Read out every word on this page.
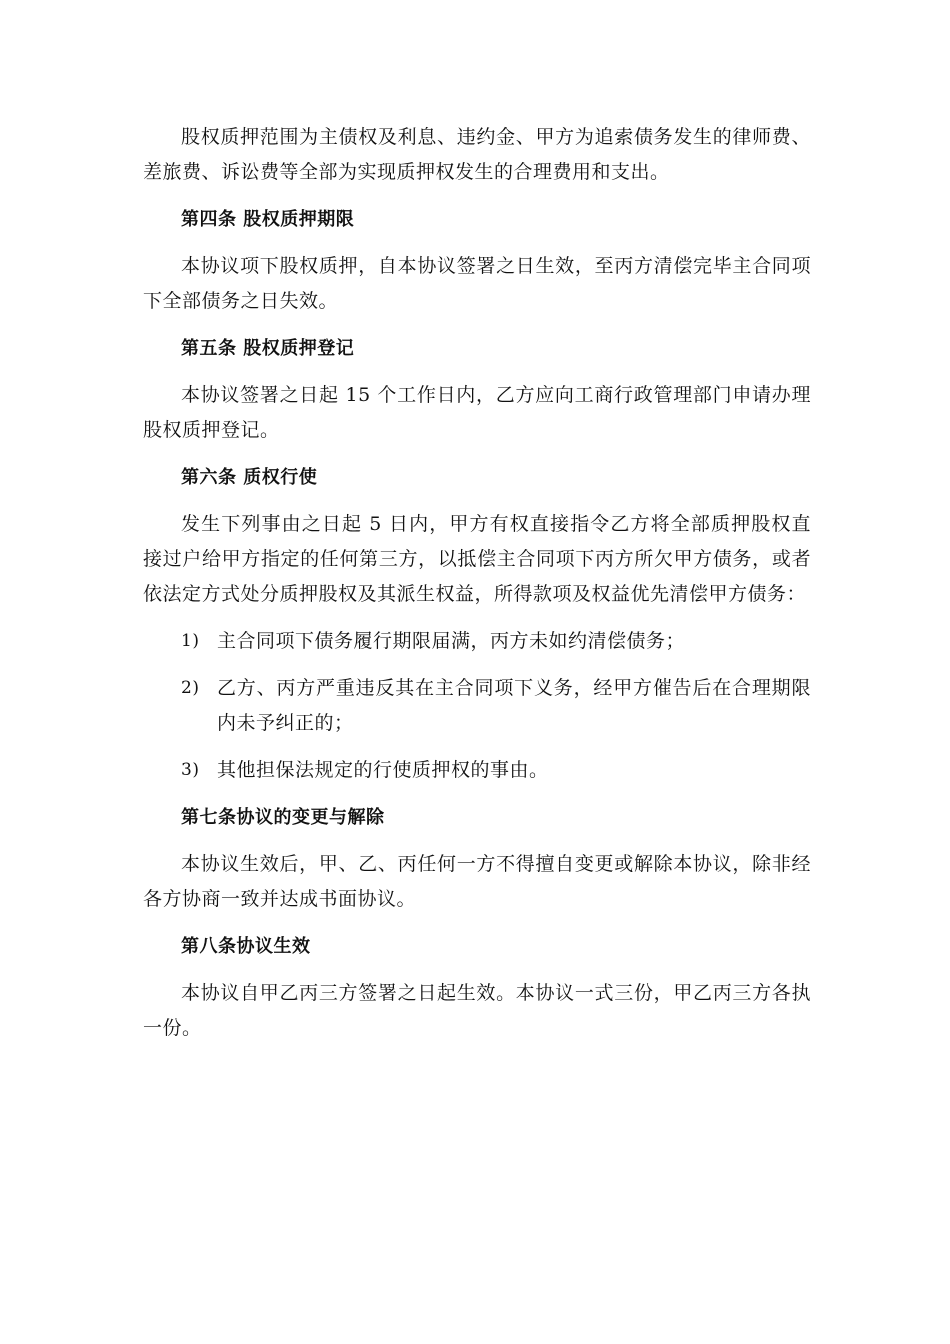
股权质押范围为主债权及利息、违约金、甲方为追索债务发生的律师费、差旅费、诉讼费等全部为实现质押权发生的合理费用和支出。

第四条 股权质押期限

本协议项下股权质押，自本协议签署之日生效，至丙方清偿完毕主合同项下全部债务之日失效。

第五条 股权质押登记

本协议签署之日起 15 个工作日内，乙方应向工商行政管理部门申请办理股权质押登记。

第六条 质权行使

发生下列事由之日起 5 日内，甲方有权直接指令乙方将全部质押股权直接过户给甲方指定的任何第三方，以抵偿主合同项下丙方所欠甲方债务，或者依法定方式处分质押股权及其派生权益，所得款项及权益优先清偿甲方债务：

1) 主合同项下债务履行期限届满，丙方未如约清偿债务；
2) 乙方、丙方严重违反其在主合同项下义务，经甲方催告后在合理期限内未予纠正的；
3) 其他担保法规定的行使质押权的事由。
第七条协议的变更与解除

本协议生效后，甲、乙、丙任何一方不得擅自变更或解除本协议，除非经各方协商一致并达成书面协议。

第八条协议生效

本协议自甲乙丙三方签署之日起生效。本协议一式三份，甲乙丙三方各执一份。
